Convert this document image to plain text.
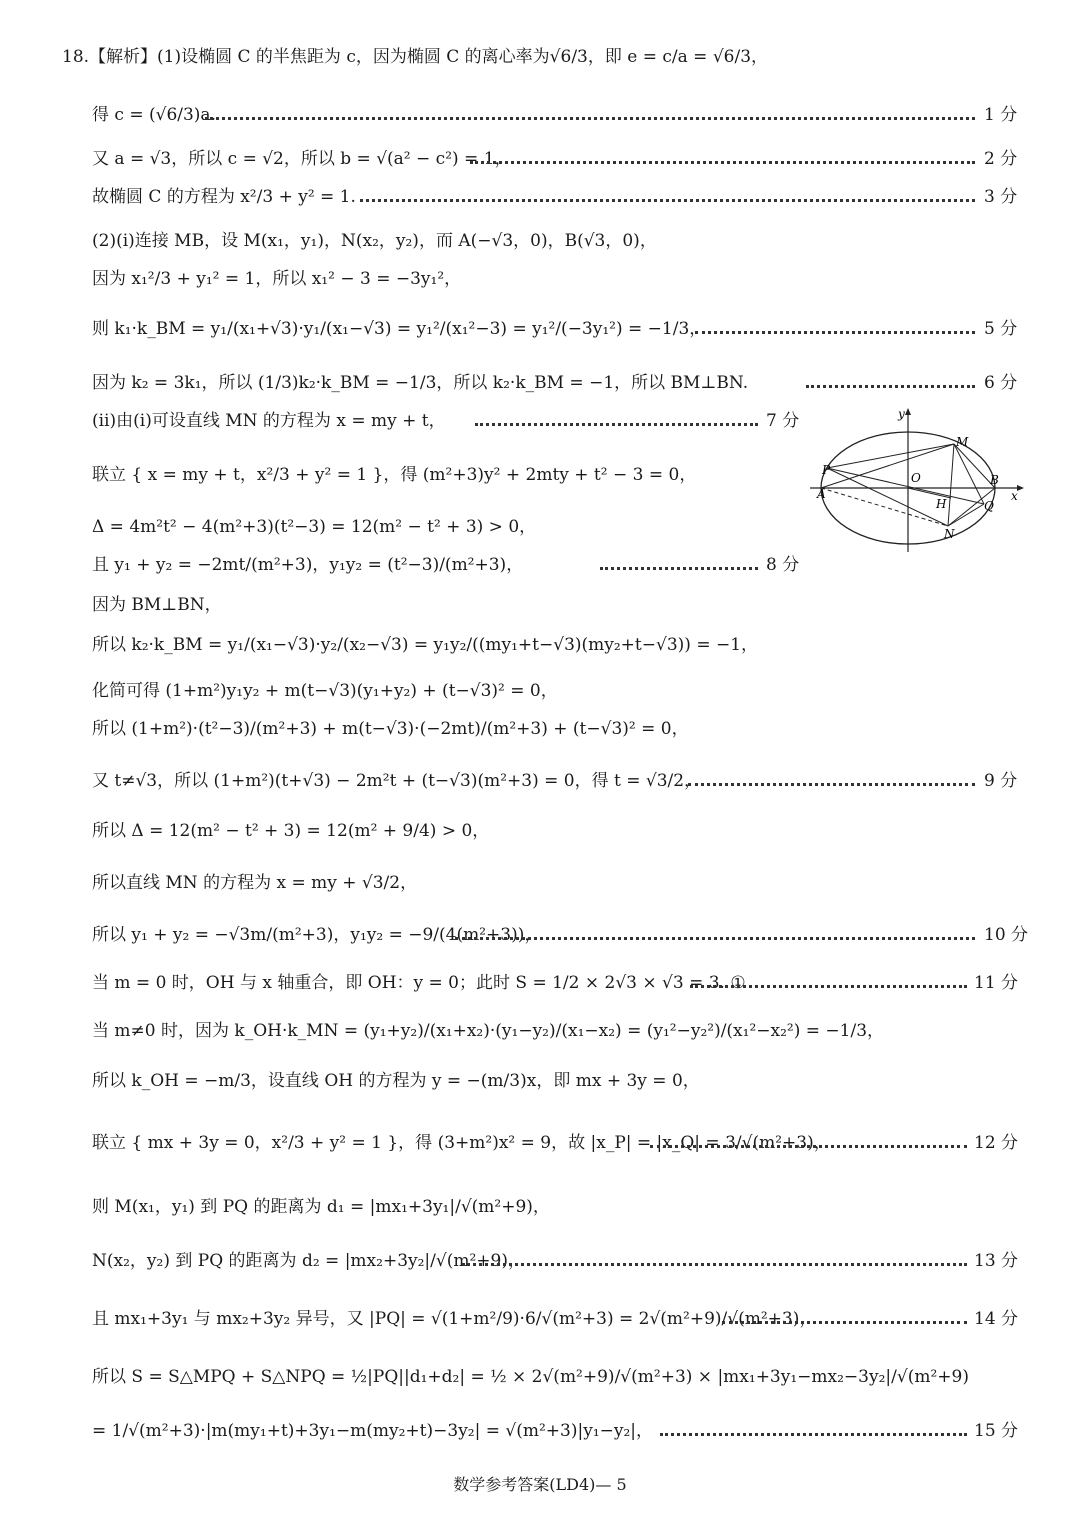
18.【解析】(1)设椭圆 C 的半焦距为 c，因为椭圆 C 的离心率为√6/3，即 e = c/a = √6/3，
得 c = (√6/3)a.	1 分
又 a = √3，所以 c = √2，所以 b = √(a² − c²) = 1，	2 分
故椭圆 C 的方程为 x²/3 + y² = 1.	3 分
(2)(ⅰ)连接 MB，设 M(x₁，y₁)，N(x₂，y₂)，而 A(−√3，0)，B(√3，0)，
因为 x₁²/3 + y₁² = 1，所以 x₁² − 3 = −3y₁²，
则 k₁·k_BM = y₁/(x₁+√3)·y₁/(x₁−√3) = y₁²/(x₁²−3) = y₁²/(−3y₁²) = −1/3，	5 分
因为 k₂ = 3k₁，所以 (1/3)k₂·k_BM = −1/3，所以 k₂·k_BM = −1，所以 BM⊥BN.	6 分
(ⅱ)由(ⅰ)可设直线 MN 的方程为 x = my + t，	7 分
联立 { x = my + t，x²/3 + y² = 1 }，得 (m²+3)y² + 2mty + t² − 3 = 0，
Δ = 4m²t² − 4(m²+3)(t²−3) = 12(m² − t² + 3) > 0，
且 y₁ + y₂ = −2mt/(m²+3)，y₁y₂ = (t²−3)/(m²+3)，	8 分
因为 BM⊥BN，
所以 k₂·k_BM = y₁/(x₁−√3)·y₂/(x₂−√3) = y₁y₂/((my₁+t−√3)(my₂+t−√3)) = −1，
化简可得 (1+m²)y₁y₂ + m(t−√3)(y₁+y₂) + (t−√3)² = 0，
所以 (1+m²)·(t²−3)/(m²+3) + m(t−√3)·(−2mt)/(m²+3) + (t−√3)² = 0，
又 t≠√3，所以 (1+m²)(t+√3) − 2m²t + (t−√3)(m²+3) = 0，得 t = √3/2，	9 分
所以 Δ = 12(m² − t² + 3) = 12(m² + 9/4) > 0，
所以直线 MN 的方程为 x = my + √3/2，
所以 y₁ + y₂ = −√3m/(m²+3)，y₁y₂ = −9/(4(m²+3))，	10 分
当 m = 0 时，OH 与 x 轴重合，即 OH：y = 0；此时 S = 1/2 × 2√3 × √3 = 3. ①	11 分
当 m≠0 时，因为 k_OH·k_MN = (y₁+y₂)/(x₁+x₂)·(y₁−y₂)/(x₁−x₂) = (y₁²−y₂²)/(x₁²−x₂²) = −1/3，
所以 k_OH = −m/3，设直线 OH 的方程为 y = −(m/3)x，即 mx + 3y = 0，
联立 { mx + 3y = 0，x²/3 + y² = 1 }，得 (3+m²)x² = 9，故 |x_P| = |x_Q| = 3/√(m²+3)，	12 分
则 M(x₁，y₁) 到 PQ 的距离为 d₁ = |mx₁+3y₁|/√(m²+9)，
N(x₂，y₂) 到 PQ 的距离为 d₂ = |mx₂+3y₂|/√(m²+9)，	13 分
且 mx₁+3y₁ 与 mx₂+3y₂ 异号，又 |PQ| = √(1+m²/9)·6/√(m²+3) = 2√(m²+9)/√(m²+3)，	14 分
所以 S = S△MPQ + S△NPQ = ½|PQ||d₁+d₂| = ½ × 2√(m²+9)/√(m²+3) × |mx₁+3y₁−mx₂−3y₂|/√(m²+9)
= 1/√(m²+3)·|m(my₁+t)+3y₁−m(my₂+t)−3y₂| = √(m²+3)|y₁−y₂|，	15 分
y
x
O
M
P
A
B
H	Q
N
数学参考答案(LD4)— 5
